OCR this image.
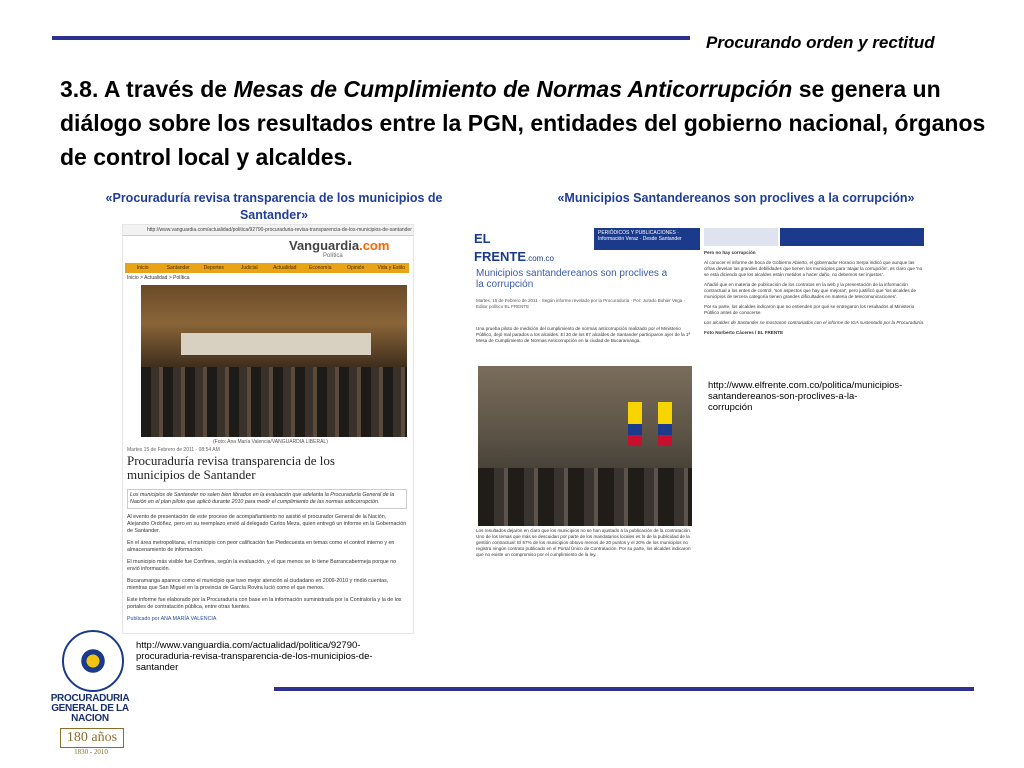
Procurando orden y rectitud
3.8. A través de Mesas de Cumplimiento de Normas Anticorrupción se genera un diálogo sobre los resultados entre la PGN, entidades del gobierno nacional, órganos de control local y alcaldes.
«Procuraduría revisa transparencia de los municipios de Santander»
«Municipios Santandereanos son proclives a la corrupción»
http://www.vanguardia.com/actualidad/politica/92790-procuraduria-revisa-transparencia-de-los-municipios-de-santander
Vanguardia.com
Política
Inicio	Santander	Deportes	Judicial	Actualidad	Economía	Opinión	Vida y Estilo
Inicio > Actualidad > Política
(Foto: Ana María Valencia/VANGUARDIA LIBERAL)
Martes 15 de Febrero de 2011 - 08:54 AM
Procuraduría revisa transparencia de los municipios de Santander

Los municipios de Santander no salen bien librados en la evaluación que adelanta la Procuraduría General de la Nación en el plan piloto que aplicó durante 2010 para medir el cumplimiento de las normas anticorrupción.

Al evento de presentación de este proceso de acompañamiento no asistió el procurador General de la Nación, Alejandro Ordóñez, pero en su reemplazo envió al delegado Carlos Meza, quien entregó un informe en la Gobernación de Santander.

En el área metropolitana, el municipio con peor calificación fue Piedecuesta en temas como el control interno y en almacenamiento de información.

El municipio más visible fue Confines, según la evaluación, y el que menos se lo tiene Barrancabermeja porque no envió información.

Bucaramanga aparece como el municipio que tuvo mejor atención al ciudadano en 2009-2010 y rindió cuentas, mientras que San Miguel en la provincia de García Rovira lució como el que menos.

Este informe fue elaborado por la Procuraduría con base en la información suministrada por la Contraloría y la de los portales de contratación pública, entre otras fuentes.

Publicado por ANA MARÍA VALENCIA

EL FRENTE.com.co
PERIÓDICOS Y PUBLICACIONES · Información Veraz · Desde Santander
Municipios santandereanos son proclives a la corrupción
Martes, 15 de Febrero de 2011 · Según informe revelado por la Procuraduría · Por: Jurado Bohier Vega · Editor político EL FRENTE
Una prueba piloto de medición del cumplimiento de normas anticorrupción realizado por el Ministerio Público, dejó mal parados a los alcaldes. El 30 de los 87 alcaldes de Santander participaron ayer de la 1ª Mesa de Cumplimiento de Normas Anticorrupción en la ciudad de Bucaramanga.
Los resultados dejaron en claro que los municipios no se han ajustado a la publicación de la contratación. Uno de los temas que más se descuidan por parte de los mandatarios locales es lo de la publicidad de la gestión contractual: El 57% de los municipios obtuvo menos de 20 puntos y el 20% de los municipios no registra ningún contrato publicado en el Portal Único de Contratación. Por su parte, los alcaldes indicaron que no existe un compromiso por el cumplimiento de la ley.

Pero no hay corrupción

Al conocer el informe de boca de Gobierno Abierto, el gobernador Horacio Serpa indicó que aunque las cifras develan las grandes debilidades que tienen los municipios para 'atajar la corrupción', es claro que 'no se está diciendo que los alcaldes están metidos a hacer daño, no debemos ser injustos'.

Añadió que en materia de publicación de los contratos en la web y la presentación de la información contractual a los entes de control, 'son aspectos que hay que mejorar', pero justificó que 'los alcaldes de municipios de tercera categoría tienen grandes dificultades en materia de telecomunicaciones'.

Por su parte, los alcaldes indicaron que no entienden por qué se entregaron los resultados al Ministerio Público antes de conocerse.

Los alcaldes de Santander se mostraron contrariados con el informe de IGA sustentado por la Procuraduría.

Foto Norberto Cáceres / EL FRENTE

http://www.elfrente.com.co/politica/municipios-santandereanos-son-proclives-a-la-corrupción
http://www.vanguardia.com/actualidad/politica/92790-procuraduria-revisa-transparencia-de-los-municipios-de-santander
PROCURADURIA GENERAL DE LA NACION
180 años
1830 - 2010
